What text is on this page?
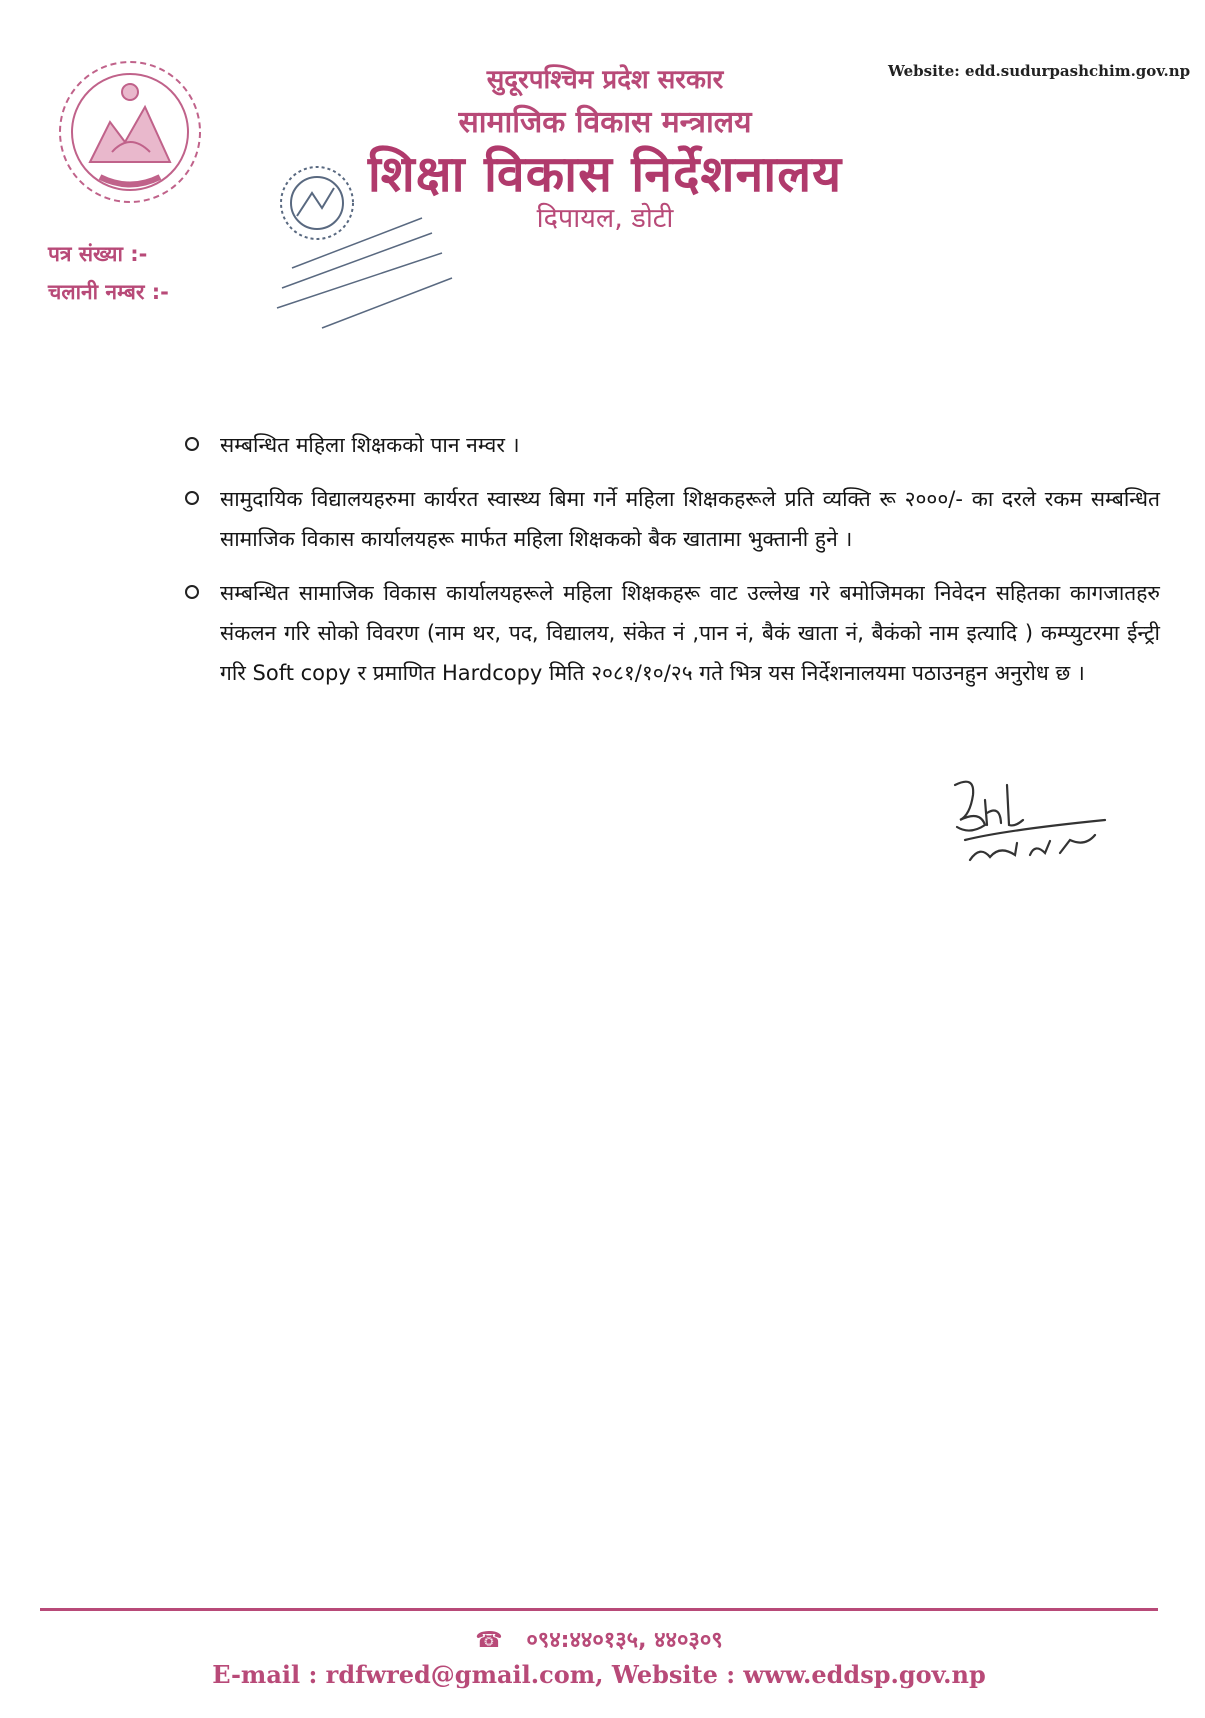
सुदूरपश्चिम प्रदेश सरकार
सामाजिक विकास मन्त्रालय
शिक्षा विकास निर्देशनालय
दिपायल, डोटी
Website: edd.sudurpashchim.gov.np
पत्र संख्या :-
चलानी नम्बर :-
सम्बन्धित महिला शिक्षकको पान नम्वर ।
सामुदायिक विद्यालयहरुमा कार्यरत स्वास्थ्य बिमा गर्ने महिला शिक्षकहरूले प्रति व्यक्ति रू २०००/- का दरले रकम सम्बन्धित सामाजिक विकास कार्यालयहरू मार्फत महिला शिक्षकको बैक खातामा भुक्तानी हुने ।
सम्बन्धित सामाजिक विकास कार्यालयहरूले महिला शिक्षकहरू वाट उल्लेख गरे बमोजिमका निवेदन सहितका कागजातहरु संकलन गरि सोको विवरण (नाम थर, पद, विद्यालय, संकेत नं ,पान नं, बैकं खाता नं, बैकंको नाम इत्यादि ) कम्प्युटरमा ईन्ट्री गरि Soft copy र प्रमाणित Hardcopy मिति २०८१/१०/२५ गते भित्र यस निर्देशनालयमा पठाउनहुन अनुरोध छ ।
☎ ०९४:४४०१३५, ४४०३०९
E-mail : rdfwred@gmail.com, Website : www.eddsp.gov.np
